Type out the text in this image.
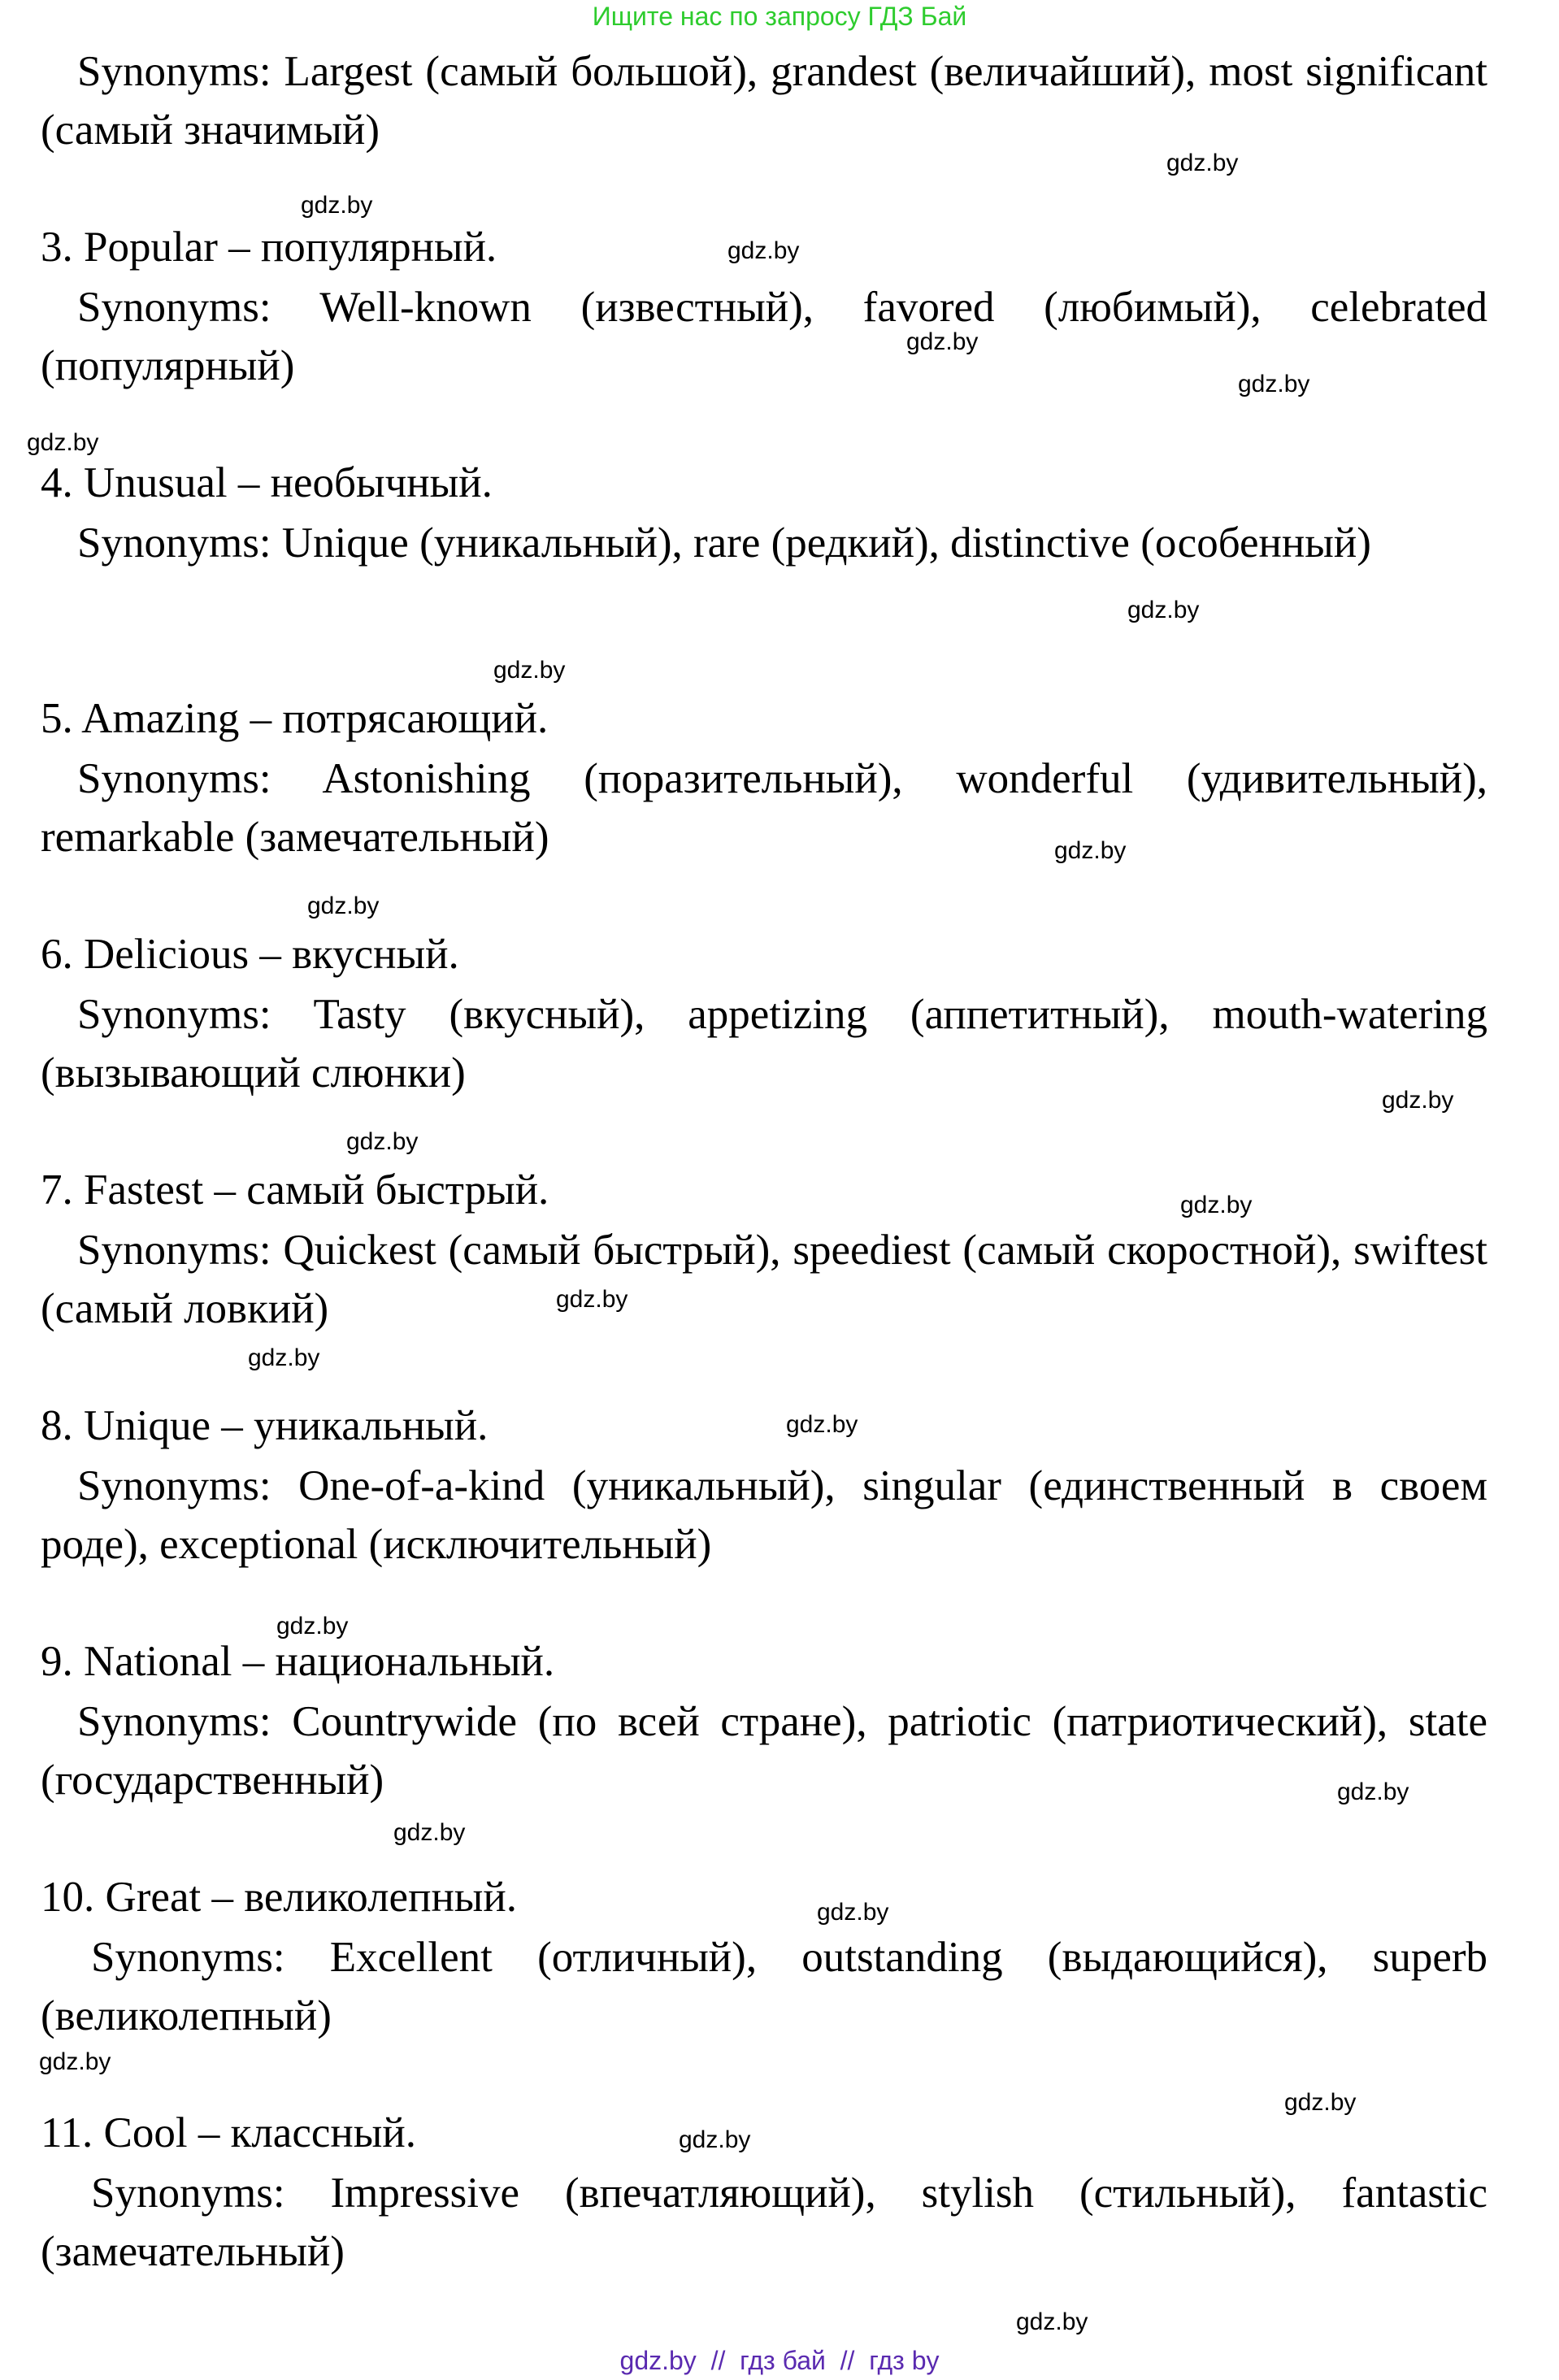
Ищите нас по запросу ГДЗ Бай
Synonyms: Largest (самый большой), grandest (величайший), most significant (самый значимый)
3. Popular – популярный.
Synonyms: Well-known (известный), favored (любимый), celebrated (популярный)
4. Unusual – необычный.
Synonyms: Unique (уникальный), rare (редкий), distinctive (особенный)
5. Amazing – потрясающий.
Synonyms: Astonishing (поразительный), wonderful (удивительный), remarkable (замечательный)
6. Delicious – вкусный.
Synonyms: Tasty (вкусный), appetizing (аппетитный), mouth-watering (вызывающий слюнки)
7. Fastest – самый быстрый.
Synonyms: Quickest (самый быстрый), speediest (самый скоростной), swiftest (самый ловкий)
8. Unique – уникальный.
Synonyms: One-of-a-kind (уникальный), singular (единственный в своем роде), exceptional (исключительный)
9. National – национальный.
Synonyms: Countrywide (по всей стране), patriotic (патриотический), state (государственный)
10. Great – великолепный.
Synonyms: Excellent (отличный), outstanding (выдающийся), superb (великолепный)
11. Cool – классный.
Synonyms: Impressive (впечатляющий), stylish (стильный), fantastic (замечательный)
gdz.by
gdz.by
gdz.by
gdz.by
gdz.by
gdz.by
gdz.by
gdz.by
gdz.by
gdz.by
gdz.by
gdz.by
gdz.by
gdz.by
gdz.by
gdz.by
gdz.by
gdz.by
gdz.by
gdz.by
gdz.by
gdz.by
gdz.by
gdz.by
gdz.by  //  гдз бай  //  гдз by
